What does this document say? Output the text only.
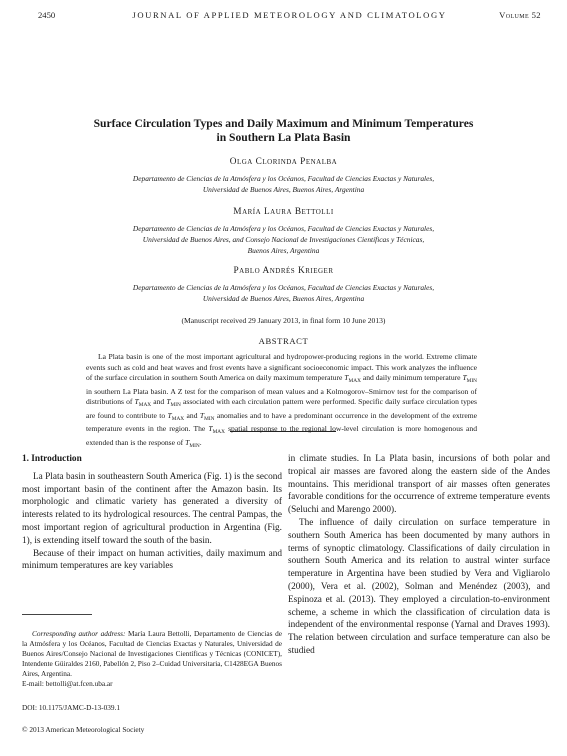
2450	JOURNAL OF APPLIED METEOROLOGY AND CLIMATOLOGY	Volume 52
Surface Circulation Types and Daily Maximum and Minimum Temperatures
in Southern La Plata Basin
Olga Clorinda Penalba
Departamento de Ciencias de la Atmósfera y los Océanos, Facultad de Ciencias Exactas y Naturales,
Universidad de Buenos Aires, Buenos Aires, Argentina
María Laura Bettolli
Departamento de Ciencias de la Atmósfera y los Océanos, Facultad de Ciencias Exactas y Naturales,
Universidad de Buenos Aires, and Consejo Nacional de Investigaciones Científicas y Técnicas,
Buenos Aires, Argentina
Pablo Andrés Krieger
Departamento de Ciencias de la Atmósfera y los Océanos, Facultad de Ciencias Exactas y Naturales,
Universidad de Buenos Aires, Buenos Aires, Argentina
(Manuscript received 29 January 2013, in final form 10 June 2013)
ABSTRACT
La Plata basin is one of the most important agricultural and hydropower-producing regions in the world. Extreme climate events such as cold and heat waves and frost events have a significant socioeconomic impact. This work analyzes the influence of the surface circulation in southern South America on daily maximum temperature $T_{MAX}$ and daily minimum temperature $T_{MIN}$ in southern La Plata basin. A Z test for the comparison of mean values and a Kolmogorov–Smirnov test for the comparison of distributions of $T_{MAX}$ and $T_{MIN}$ associated with each circulation pattern were performed. Specific daily surface circulation types are found to contribute to $T_{MAX}$ and $T_{MIN}$ anomalies and to have a predominant occurrence in the development of the extreme temperature events in the region. The $T_{MAX}$ spatial response to the regional low-level circulation is more homogenous and extended than is the response of $T_{MIN}$.
1. Introduction

La Plata basin in southeastern South America (Fig. 1) is the second most important basin of the continent after the Amazon basin. Its morphologic and climatic variety has generated a diversity of interests related to its hydrological resources. The central Pampas, the most important region of agricultural production in Argentina (Fig. 1), is extending itself toward the south of the basin.

Because of their impact on human activities, daily maximum and minimum temperatures are key variables

Corresponding author address: María Laura Bettolli, Departamento de Ciencias de la Atmósfera y los Océanos, Facultad de Ciencias Exactas y Naturales, Universidad de Buenos Aires/Consejo Nacional de Investigaciones Científicas y Técnicas (CONICET), Intendente Güiraldes 2160, Pabellón 2, Piso 2–Cuidad Universitaria, C1428EGA Buenos Aires, Argentina.
E-mail: bettolli@at.fcen.uba.ar
DOI: 10.1175/JAMC-D-13-039.1
© 2013 American Meteorological Society

in climate studies. In La Plata basin, incursions of both polar and tropical air masses are favored along the eastern side of the Andes mountains. This meridional transport of air masses often generates favorable conditions for the occurrence of extreme temperature events (Seluchi and Marengo 2000).

The influence of daily circulation on surface temperature in southern South America has been documented by many authors in terms of synoptic climatology. Classifications of daily circulation in southern South America and its relation to austral winter surface temperature in Argentina have been studied by Vera and Vigliarolo (2000), Vera et al. (2002), Solman and Menéndez (2003), and Espinoza et al. (2013). They employed a circulation-to-environment scheme, a scheme in which the classification of circulation data is independent of the environmental response (Yarnal and Draves 1993). The relation between circulation and surface temperature can also be studied
